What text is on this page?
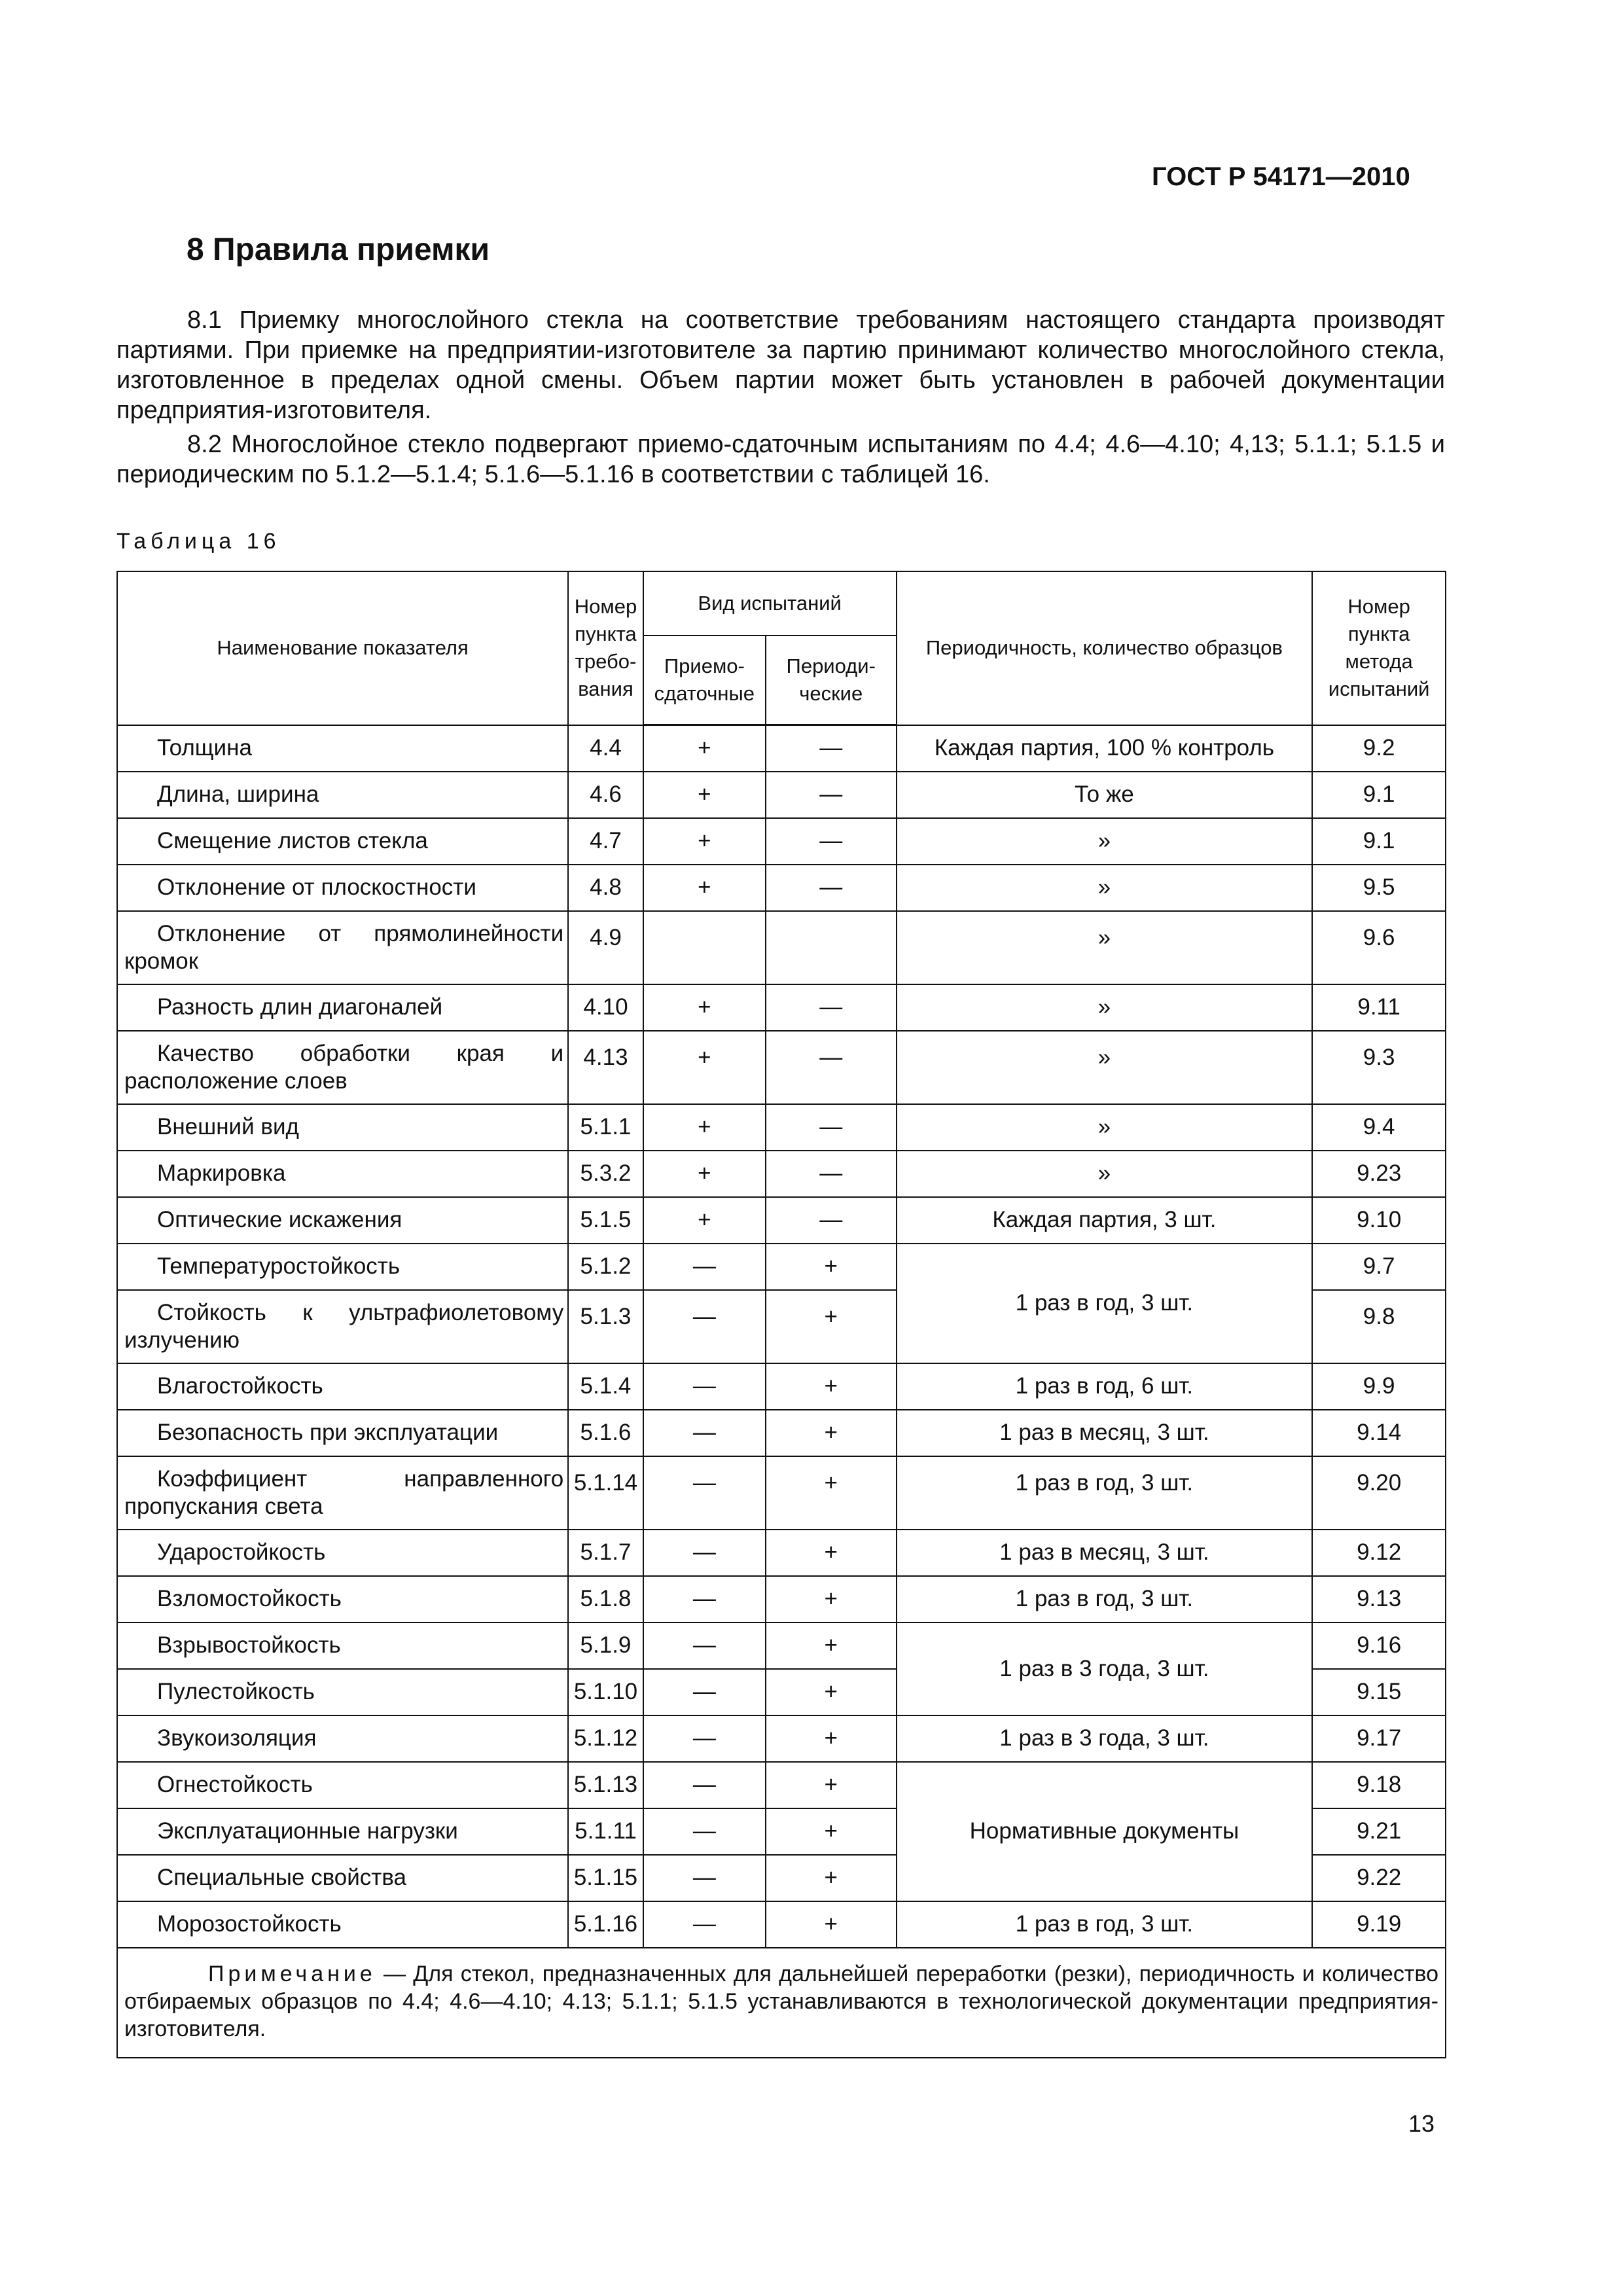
ГОСТ Р 54171—2010
8 Правила приемки
8.1 Приемку многослойного стекла на соответствие требованиям настоящего стандарта производят партиями. При приемке на предприятии-изготовителе за партию принимают количество многослойного стекла, изготовленное в пределах одной смены. Объем партии может быть установлен в рабочей документации предприятия-изготовителя.
8.2 Многослойное стекло подвергают приемо-сдаточным испытаниям по 4.4; 4.6—4.10; 4,13; 5.1.1; 5.1.5 и периодическим по 5.1.2—5.1.4; 5.1.6—5.1.16 в соответствии с таблицей 16.
Таблица 16
Наименование показателя	Номер пункта требо-вания	Вид испытаний		Периодичность, количество образцов	Номер пункта метода испытаний
		Приемо-сдаточные	Периоди-ческие		

Толщина	4.4	+	—	Каждая партия, 100 % контроль	9.2

Длина, ширина	4.6	+	—	То же	9.1

Смещение листов стекла	4.7	+	—	»	9.1

Отклонение от плоскостности	4.8	+	—	»	9.5

Отклонение от прямолинейности кромок	4.9			»	9.6

Разность длин диагоналей	4.10	+	—	»	9.11

Качество обработки края и расположение слоев	4.13	+	—	»	9.3

Внешний вид	5.1.1	+	—	»	9.4

Маркировка	5.3.2	+	—	»	9.23

Оптические искажения	5.1.5	+	—	Каждая партия, 3 шт.	9.10

Температуростойкость	5.1.2	—	+	1 раз в год, 3 шт.	9.7

Стойкость к ультрафиолетовому излучению	5.1.3	—	+		9.8

Влагостойкость	5.1.4	—	+	1 раз в год, 6 шт.	9.9

Безопасность при эксплуатации	5.1.6	—	+	1 раз в месяц, 3 шт.	9.14

Коэффициент направленного пропускания света	5.1.14	—	+	1 раз в год, 3 шт.	9.20

Ударостойкость	5.1.7	—	+	1 раз в месяц, 3 шт.	9.12

Взломостойкость	5.1.8	—	+	1 раз в год, 3 шт.	9.13

Взрывостойкость	5.1.9	—	+	1 раз в 3 года, 3 шт.	9.16

Пулестойкость	5.1.10	—	+		9.15

Звукоизоляция	5.1.12	—	+	1 раз в 3 года, 3 шт.	9.17

Огнестойкость	5.1.13	—	+	Нормативные документы	9.18

Эксплуатационные нагрузки	5.1.11	—	+		9.21

Специальные свойства	5.1.15	—	+		9.22

Морозостойкость	5.1.16	—	+	1 раз в год, 3 шт.	9.19
Примечание — Для стекол, предназначенных для дальнейшей переработки (резки), периодичность и количество отбираемых образцов по 4.4; 4.6—4.10; 4.13; 5.1.1; 5.1.5 устанавливаются в технологической документации предприятия-изготовителя.					
13
